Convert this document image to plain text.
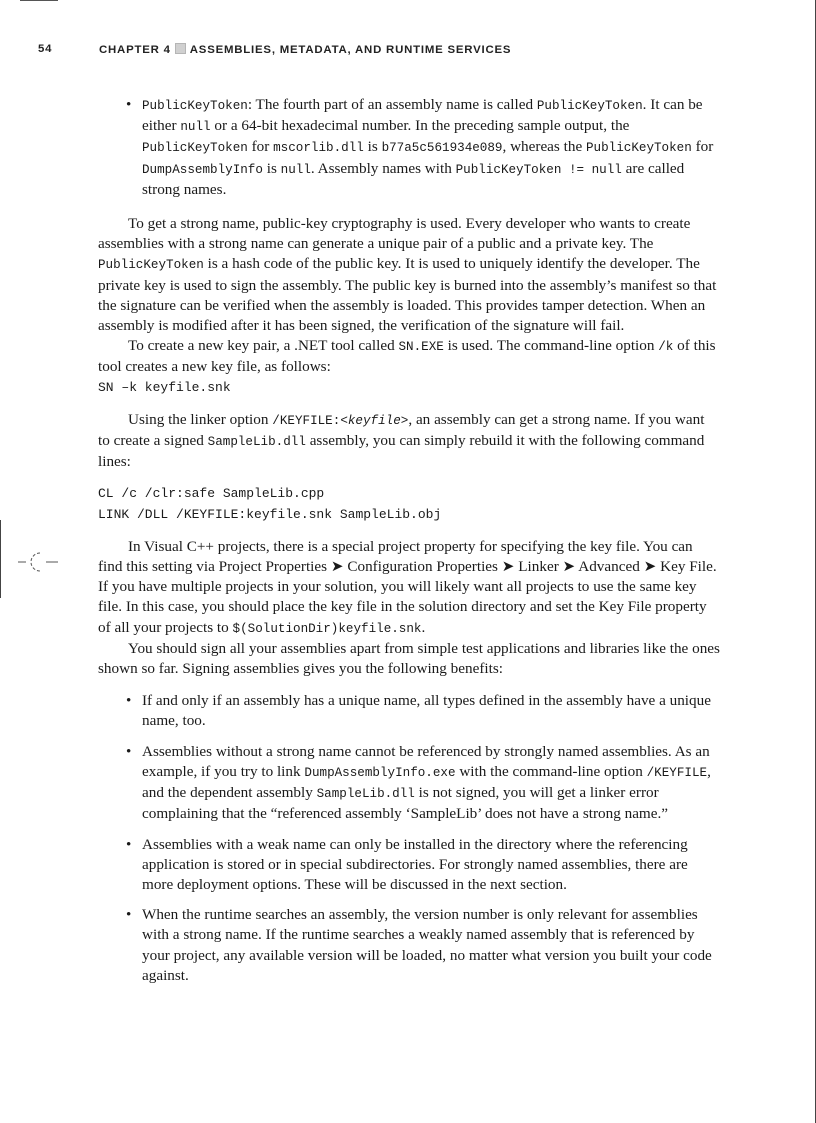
54	CHAPTER 4 ASSEMBLIES, METADATA, AND RUNTIME SERVICES
• PublicKeyToken: The fourth part of an assembly name is called PublicKeyToken. It can be either null or a 64-bit hexadecimal number. In the preceding sample output, the PublicKeyToken for mscorlib.dll is b77a5c561934e089, whereas the PublicKeyToken for DumpAssemblyInfo is null. Assembly names with PublicKeyToken != null are called strong names.

To get a strong name, public-key cryptography is used. Every developer who wants to create assemblies with a strong name can generate a unique pair of a public and a private key. The PublicKeyToken is a hash code of the public key. It is used to uniquely identify the developer. The private key is used to sign the assembly. The public key is burned into the assembly’s manifest so that the signature can be verified when the assembly is loaded. This provides tamper detection. When an assembly is modified after it has been signed, the verification of the signature will fail.

To create a new key pair, a .NET tool called SN.EXE is used. The command-line option /k of this tool creates a new key file, as follows:

SN –k keyfile.snk

Using the linker option /KEYFILE:<keyfile>, an assembly can get a strong name. If you want to create a signed SampleLib.dll assembly, you can simply rebuild it with the following command lines:

CL /c /clr:safe SampleLib.cpp
LINK /DLL /KEYFILE:keyfile.snk SampleLib.obj

In Visual C++ projects, there is a special project property for specifying the key file. You can find this setting via Project Properties ➤ Configuration Properties ➤ Linker ➤ Advanced ➤ Key File. If you have multiple projects in your solution, you will likely want all projects to use the same key file. In this case, you should place the key file in the solution directory and set the Key File property of all your projects to $(SolutionDir)keyfile.snk.

You should sign all your assemblies apart from simple test applications and libraries like the ones shown so far. Signing assemblies gives you the following benefits:

• If and only if an assembly has a unique name, all types defined in the assembly have a unique name, too.
• Assemblies without a strong name cannot be referenced by strongly named assemblies. As an example, if you try to link DumpAssemblyInfo.exe with the command-line option /KEYFILE, and the dependent assembly SampleLib.dll is not signed, you will get a linker error complaining that the “referenced assembly ‘SampleLib’ does not have a strong name.”
• Assemblies with a weak name can only be installed in the directory where the referencing application is stored or in special subdirectories. For strongly named assemblies, there are more deployment options. These will be discussed in the next section.
• When the runtime searches an assembly, the version number is only relevant for assemblies with a strong name. If the runtime searches a weakly named assembly that is referenced by your project, any available version will be loaded, no matter what version you built your code against.
